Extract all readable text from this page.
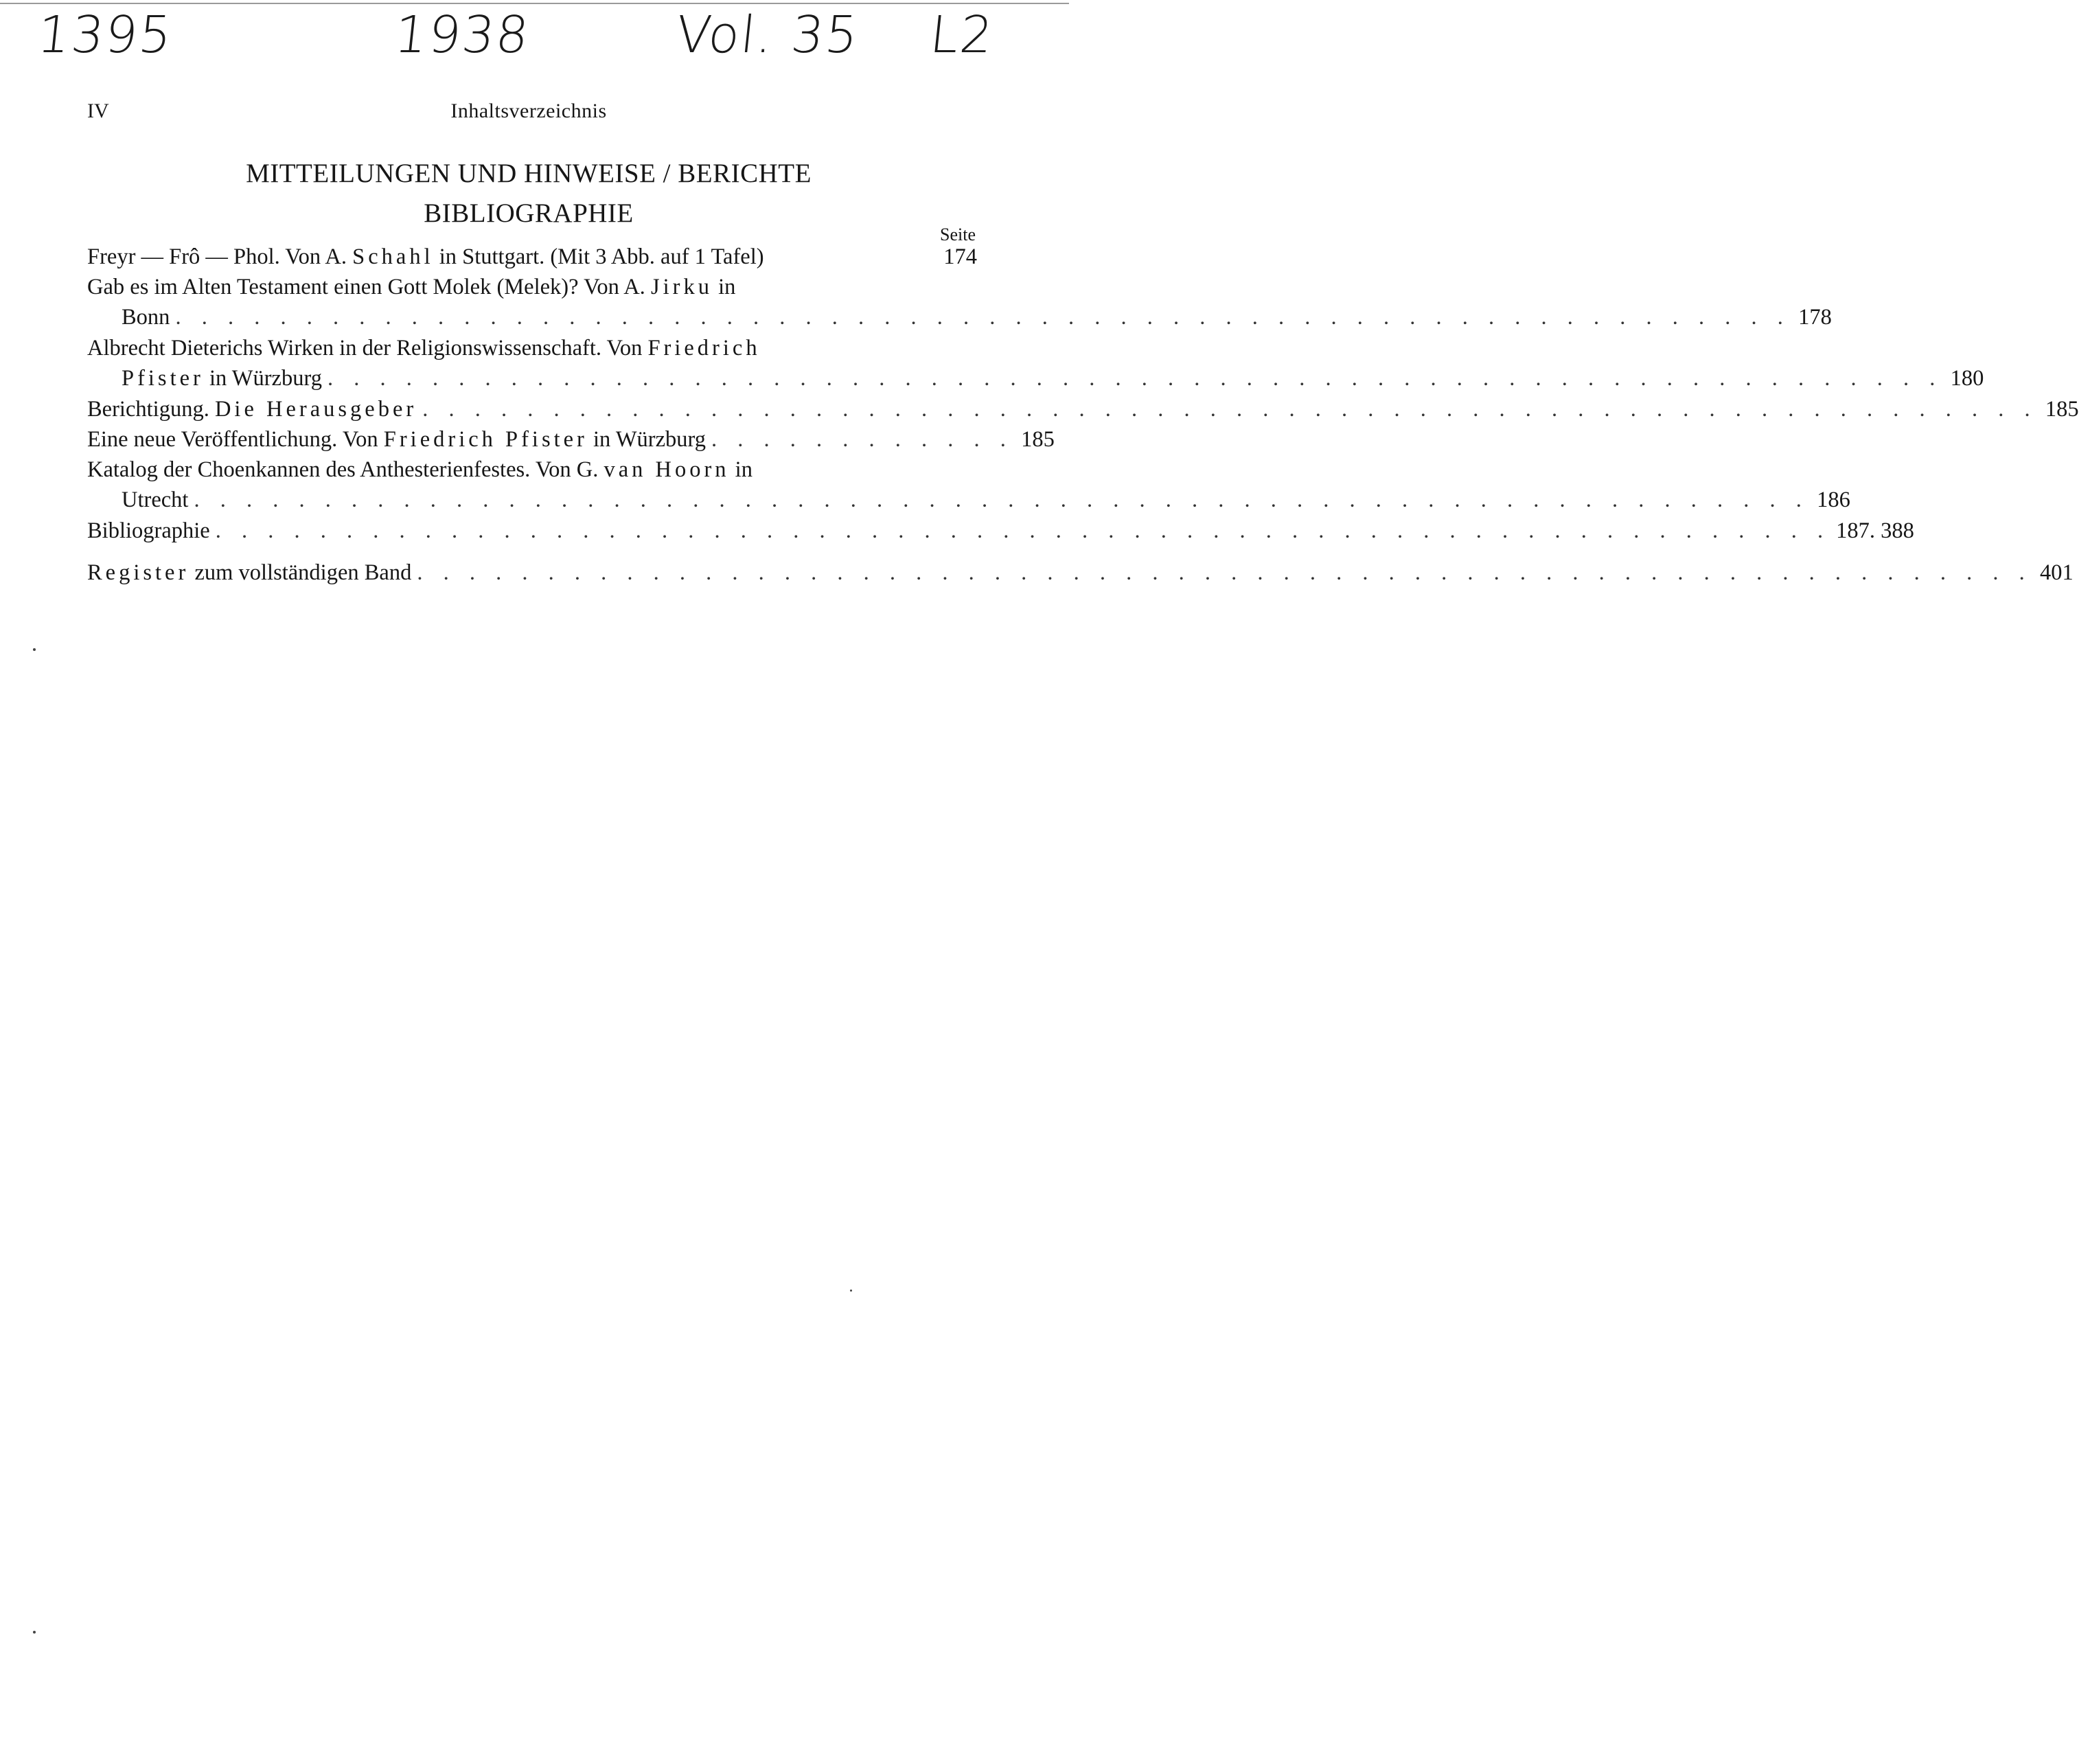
1395	1938	Vol. 35 L2
IV	Inhaltsverzeichnis
MITTEILUNGEN UND HINWEISE / BERICHTE
BIBLIOGRAPHIE
Seite
Freyr — Frô — Phol. Von A. Schahl in Stuttgart. (Mit 3 Abb. auf 1 Tafel)	174
Gab es im Alten Testament einen Gott Molek (Melek)? Von A. Jirku in
Bonn . . . . . . . . . . . . . . . . . . . . . . . . . . . . . . . . . . . . . . . . . . . . . . . . . . . . . . . . . . . . . . 178
Albrecht Dieterichs Wirken in der Religionswissenschaft. Von Friedrich
Pfister in Würzburg . . . . . . . . . . . . . . . . . . . . . . . . . . . . . . . . . . . . . . . . . . . . . . . . . . . . . . . . . . . . . . 180
Berichtigung. Die Herausgeber . . . . . . . . . . . . . . . . . . . . . . . . . . . . . . . . . . . . . . . . . . . . . . . . . . . . . . . . . . . . . . 185
Eine neue Veröffentlichung. Von Friedrich Pfister in Würzburg . . . . . . . . . . . . 185
Katalog der Choenkannen des Anthesterienfestes. Von G. van Hoorn in
Utrecht . . . . . . . . . . . . . . . . . . . . . . . . . . . . . . . . . . . . . . . . . . . . . . . . . . . . . . . . . . . . . . 186
Bibliographie . . . . . . . . . . . . . . . . . . . . . . . . . . . . . . . . . . . . . . . . . . . . . . . . . . . . . . . . . . . . . . 187. 388
Register zum vollständigen Band . . . . . . . . . . . . . . . . . . . . . . . . . . . . . . . . . . . . . . . . . . . . . . . . . . . . . . . . . . . . . . 401
